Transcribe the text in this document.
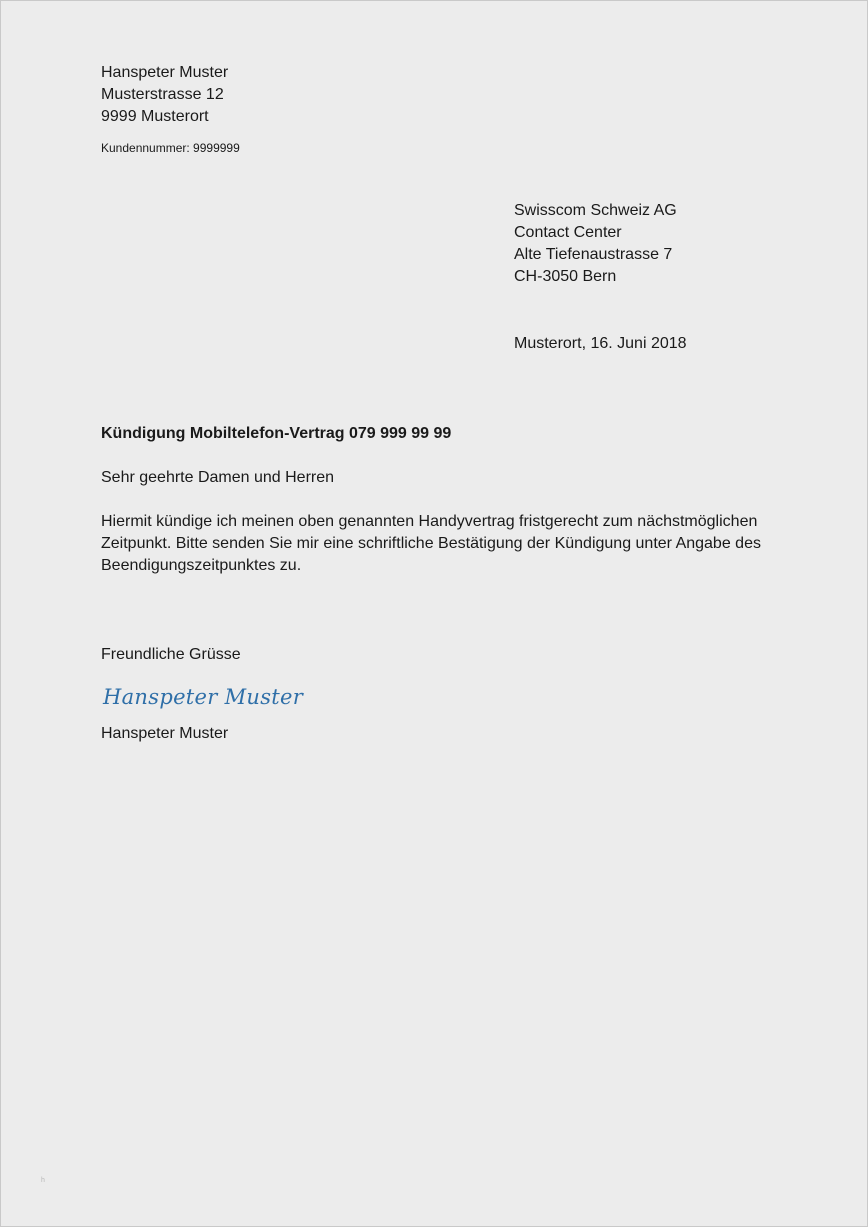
Hanspeter Muster
Musterstrasse 12
9999 Musterort
Kundennummer: 9999999
Swisscom Schweiz AG
Contact Center
Alte Tiefenaustrasse 7
CH-3050 Bern
Musterort, 16. Juni 2018
Kündigung Mobiltelefon-Vertrag 079 999 99 99
Sehr geehrte Damen und Herren
Hiermit kündige ich meinen oben genannten Handyvertrag fristgerecht zum nächstmöglichen
Zeitpunkt. Bitte senden Sie mir eine schriftliche Bestätigung der Kündigung unter Angabe des
Beendigungszeitpunktes zu.
Freundliche Grüsse
Hanspeter Muster
Hanspeter Muster
h
